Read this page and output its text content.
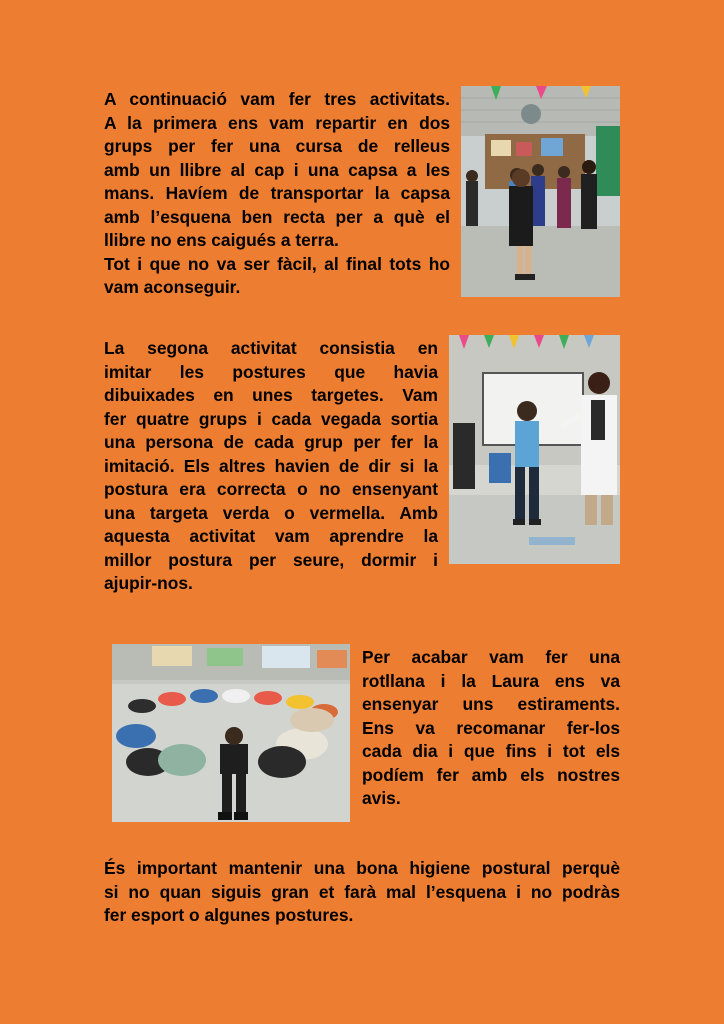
A continuació vam fer tres activitats.
A la primera ens vam repartir en dos
grups per fer una cursa de relleus
amb un llibre al cap i una capsa a les
mans. Havíem de transportar la capsa
amb l’esquena ben recta per a què el
llibre no ens caigués a terra.
Tot i que no va ser fàcil, al final tots ho
vam aconseguir.
La segona activitat consistia en
imitar les postures que havia
dibuixades en unes targetes. Vam
fer quatre grups i cada vegada sortia
una persona de cada grup per fer la
imitació. Els altres havien de dir si la
postura era correcta o no ensenyant
una targeta verda o vermella. Amb
aquesta activitat vam aprendre la
millor postura per seure, dormir i
ajupir-nos.
Per acabar vam fer una
rotllana i la Laura ens va
ensenyar uns estiraments.
Ens va recomanar fer-los
cada dia i que fins i tot els
podíem fer amb els nostres
avis.
És important mantenir una bona higiene postural perquè
si no quan siguis gran et farà mal l’esquena i no podràs
fer esport o algunes postures.
